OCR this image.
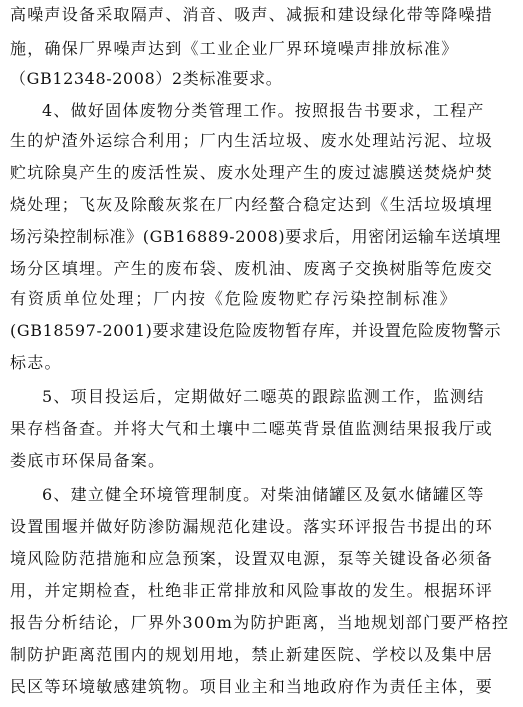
高噪声设备采取隔声、消音、吸声、减振和建设绿化带等降噪措
施，确保厂界噪声达到《工业企业厂界环境噪声排放标准》
（GB12348-2008）2类标准要求。
4、做好固体废物分类管理工作。按照报告书要求，工程产
生的炉渣外运综合利用；厂内生活垃圾、废水处理站污泥、垃圾
贮坑除臭产生的废活性炭、废水处理产生的废过滤膜送焚烧炉焚
烧处理；飞灰及除酸灰浆在厂内经螯合稳定达到《生活垃圾填埋
场污染控制标准》(GB16889-2008)要求后，用密闭运输车送填埋
场分区填埋。产生的废布袋、废机油、废离子交换树脂等危废交
有资质单位处理；厂内按《危险废物贮存污染控制标准》
(GB18597-2001)要求建设危险废物暂存库，并设置危险废物警示
标志。
5、项目投运后，定期做好二噁英的跟踪监测工作，监测结
果存档备查。并将大气和土壤中二噁英背景值监测结果报我厅或
娄底市环保局备案。
6、建立健全环境管理制度。对柴油储罐区及氨水储罐区等
设置围堰并做好防渗防漏规范化建设。落实环评报告书提出的环
境风险防范措施和应急预案，设置双电源，泵等关键设备必须备
用，并定期检查，杜绝非正常排放和风险事故的发生。根据环评
报告分析结论，厂界外300m为防护距离，当地规划部门要严格控
制防护距离范围内的规划用地，禁止新建医院、学校以及集中居
民区等环境敏感建筑物。项目业主和当地政府作为责任主体，要
